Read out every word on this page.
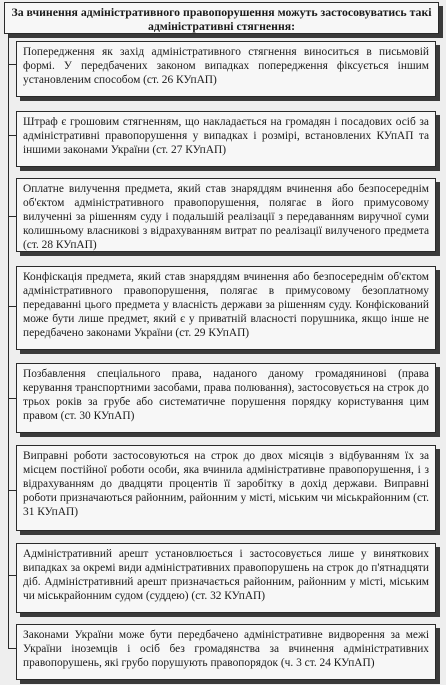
За вчинення адміністративного правопорушення можуть застосовуватись такі адміністративні стягнення:
Попередження як захід адміністративного стягнення виноситься в письмовій формі. У передбачених законом випадках попередження фіксується іншим установленим способом (ст. 26 КУпАП)
Штраф є грошовим стягненням, що накладається на громадян і посадових осіб за адміністративні правопорушення у випадках і розмірі, встановлених КУпАП та іншими законами України (ст. 27 КУпАП)
Оплатне вилучення предмета, який став знаряддям вчинення або безпосереднім об'єктом адміністративного правопорушення, полягає в його примусовому вилученні за рішенням суду і подальшій реалізації з передаванням виручної суми колишньому власникові з відрахуванням витрат по реалізації вилученого предмета (ст. 28 КУпАП)
Конфіскація предмета, який став знаряддям вчинення або безпосереднім об'єктом адміністративного правопорушення, полягає в примусовому безоплатному передаванні цього предмета у власність держави за рішенням суду. Конфіскований може бути лише предмет, який є у приватній власності порушника, якщо інше не передбачено законами України (ст. 29 КУпАП)
Позбавлення спеціального права, наданого даному громадянинові (права керування транспортними засобами, права полювання), застосовується на строк до трьох років за грубе або систематичне порушення порядку користування цим правом (ст. 30 КУпАП)
Виправні роботи застосовуються на строк до двох місяців з відбуванням їх за місцем постійної роботи особи, яка вчинила адміністративне правопорушення, і з відрахуванням до двадцяти процентів її заробітку в дохід держави. Виправні роботи призначаються районним, районним у місті, міським чи міськрайонним (ст. 31 КУпАП)
Адміністративний арешт установлюється і застосовується лише у виняткових випадках за окремі види адміністративних правопорушень на строк до п'ятнадцяти діб. Адміністративний арешт призначається районним, районним у місті, міським чи міськрайонним судом (суддею) (ст. 32 КУпАП)
Законами України може бути передбачено адміністративне видворення за межі України іноземців і осіб без громадянства за вчинення адміністративних правопорушень, які грубо порушують правопорядок (ч. 3 ст. 24 КУпАП)
